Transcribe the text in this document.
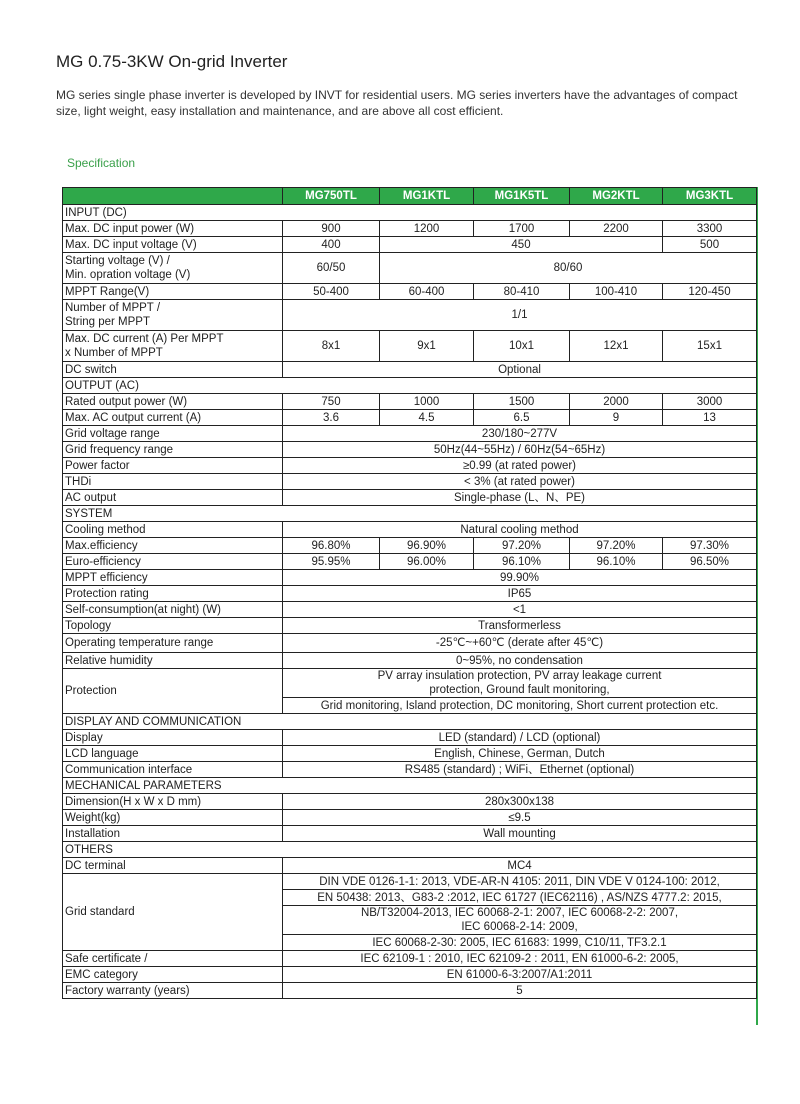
MG 0.75-3KW On-grid Inverter
MG series single phase inverter is developed by INVT for residential users. MG series inverters have the advantages of compact size, light weight, easy installation and maintenance, and are above all cost efficient.
Specification
	MG750TL	MG1KTL	MG1K5TL	MG2KTL	MG3KTL
INPUT (DC)					
Max. DC input power (W)	900	1200	1700	2200	3300
Max. DC input voltage (V)	400	450			500
Starting voltage (V) /
Min. opration voltage (V)	60/50	80/60			
MPPT Range(V)	50-400	60-400	80-410	100-410	120-450
Number of MPPT /
String per MPPT	1/1				
Max. DC current (A) Per MPPT
x Number of MPPT	8x1	9x1	10x1	12x1	15x1
DC switch	Optional				
OUTPUT (AC)					
Rated output power (W)	750	1000	1500	2000	3000
Max. AC output current (A)	3.6	4.5	6.5	9	13
Grid voltage range	230/180~277V				
Grid frequency range	50Hz(44~55Hz) / 60Hz(54~65Hz)				
Power factor	≥0.99 (at rated power)				
THDi	< 3% (at rated power)				
AC output	Single-phase (L、N、PE)				
SYSTEM					
Cooling method	Natural cooling method				
Max.efficiency	96.80%	96.90%	97.20%	97.20%	97.30%
Euro-efficiency	95.95%	96.00%	96.10%	96.10%	96.50%
MPPT efficiency	99.90%				
Protection rating	IP65				
Self-consumption(at night) (W)	<1				
Topology	Transformerless				
Operating temperature range	-25℃~+60℃ (derate after 45℃)				
Relative humidity	0~95%, no condensation				
Protection	PV array insulation protection, PV array leakage current
protection, Ground fault monitoring,				
	Grid monitoring, Island protection, DC monitoring, Short current protection etc.				
DISPLAY AND COMMUNICATION					
Display	LED (standard) / LCD (optional)				
LCD language	English, Chinese, German, Dutch				
Communication interface	RS485 (standard) ; WiFi、Ethernet (optional)				
MECHANICAL PARAMETERS					
Dimension(H x W x D mm)	280x300x138				
Weight(kg)	≤9.5				
Installation	Wall mounting				
OTHERS					
DC terminal	MC4				
Grid standard	DIN VDE 0126-1-1: 2013, VDE-AR-N 4105: 2011, DIN VDE V 0124-100: 2012,				
	EN 50438: 2013、G83-2 :2012, IEC 61727 (IEC62116) , AS/NZS 4777.2: 2015,				
	NB/T32004-2013, IEC 60068-2-1: 2007, IEC 60068-2-2: 2007,
IEC 60068-2-14: 2009,				
	IEC 60068-2-30: 2005, IEC 61683: 1999, C10/11, TF3.2.1				
Safe certificate /	IEC 62109-1 : 2010, IEC 62109-2 : 2011, EN 61000-6-2: 2005,				
EMC category	EN 61000-6-3:2007/A1:2011				
Factory warranty (years)	5				
